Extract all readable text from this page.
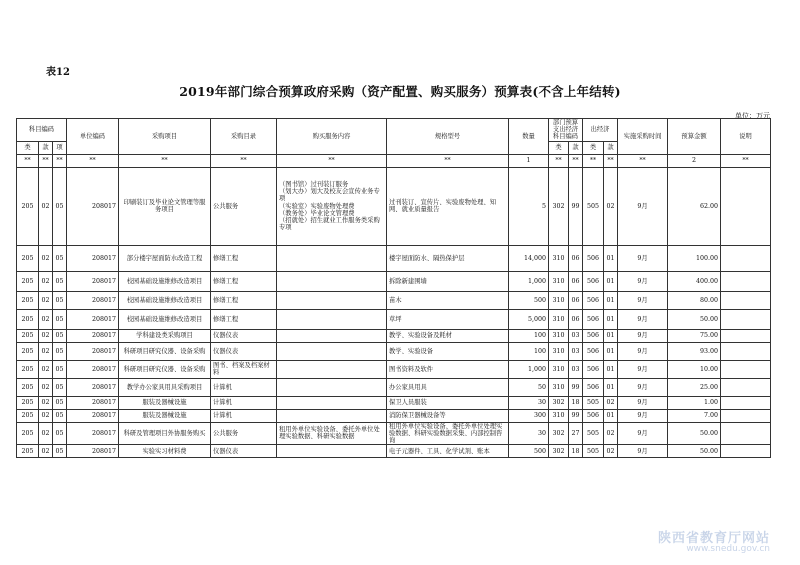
表12
2019年部门综合预算政府采购（资产配置、购买服务）预算表(不含上年结转)
单位：万元
科目编码			单位编码	采购项目	采购目录	购买服务内容	规格型号	数量	部门预算支出经济科目编码		出经济		实施采购时间	预算金额	说明
类	款	项							类	款	类	款			
**	**	**	**	**	**	**	**	1	**	**	**	**	**	2	**
205	02	05	208017	印刷装订及毕业论文管理等服务项目	公共服务	（图书馆）过刊装订服务
（划大办）划大及校友会宣传业务专项
（实验室）实验废物处理费
（教务处）毕业论文管理费
（招就处）招生就业工作服务类采购专项	过刊装订、宣传片、实验废物处理、知网、就业质量报告	5	302	99	505	02	9月	62.00	
205	02	05	208017	部分楼宇屋面防水改造工程	修缮工程		楼宇屋面防水、隔热保护层	14,000	310	06	506	01	9月	100.00	
205	02	05	208017	校园基础设施维修改造项目	修缮工程		拆除新建围墙	1,000	310	06	506	01	9月	400.00	
205	02	05	208017	校园基础设施维修改造项目	修缮工程		苗木	500	310	06	506	01	9月	80.00	
205	02	05	208017	校园基础设施维修改造项目	修缮工程		草坪	5,000	310	06	506	01	9月	50.00	
205	02	05	208017	学科建设类采购项目	仪器仪表		教学、实验设备及耗材	100	310	03	506	01	9月	75.00	
205	02	05	208017	科研项目研究仪器、设备采购	仪器仪表		教学、实验设备	100	310	03	506	01	9月	93.00	
205	02	05	208017	科研项目研究仪器、设备采购	图书、档案及档案材料		图书资料及软件	1,000	310	03	506	01	9月	10.00	
205	02	05	208017	教学办公家具用具采购项目	计算机		办公家具用具	50	310	99	506	01	9月	25.00	
205	02	05	208017	服装及器械设施	计算机		保卫人员服装	30	302	18	505	02	9月	1.00	
205	02	05	208017	服装及器械设施	计算机		消防保卫器械设备等	300	310	99	506	01	9月	7.00	
205	02	05	208017	科研及管理项目外协服务购买	公共服务	租用外单位实验设备、委托外单位处理实验数据、科研实验数据	租用外单位实验设备、委托外单位处理实验数据、科研实验数据采集、内部控制咨询	30	302	27	505	02	9月	50.00	
205	02	05	208017	实验实习材料费	仪器仪表		电子元器件、工具、化学试剂、账本	500	302	18	505	02	9月	50.00	
陕西省教育厅网站
www.snedu.gov.cn
